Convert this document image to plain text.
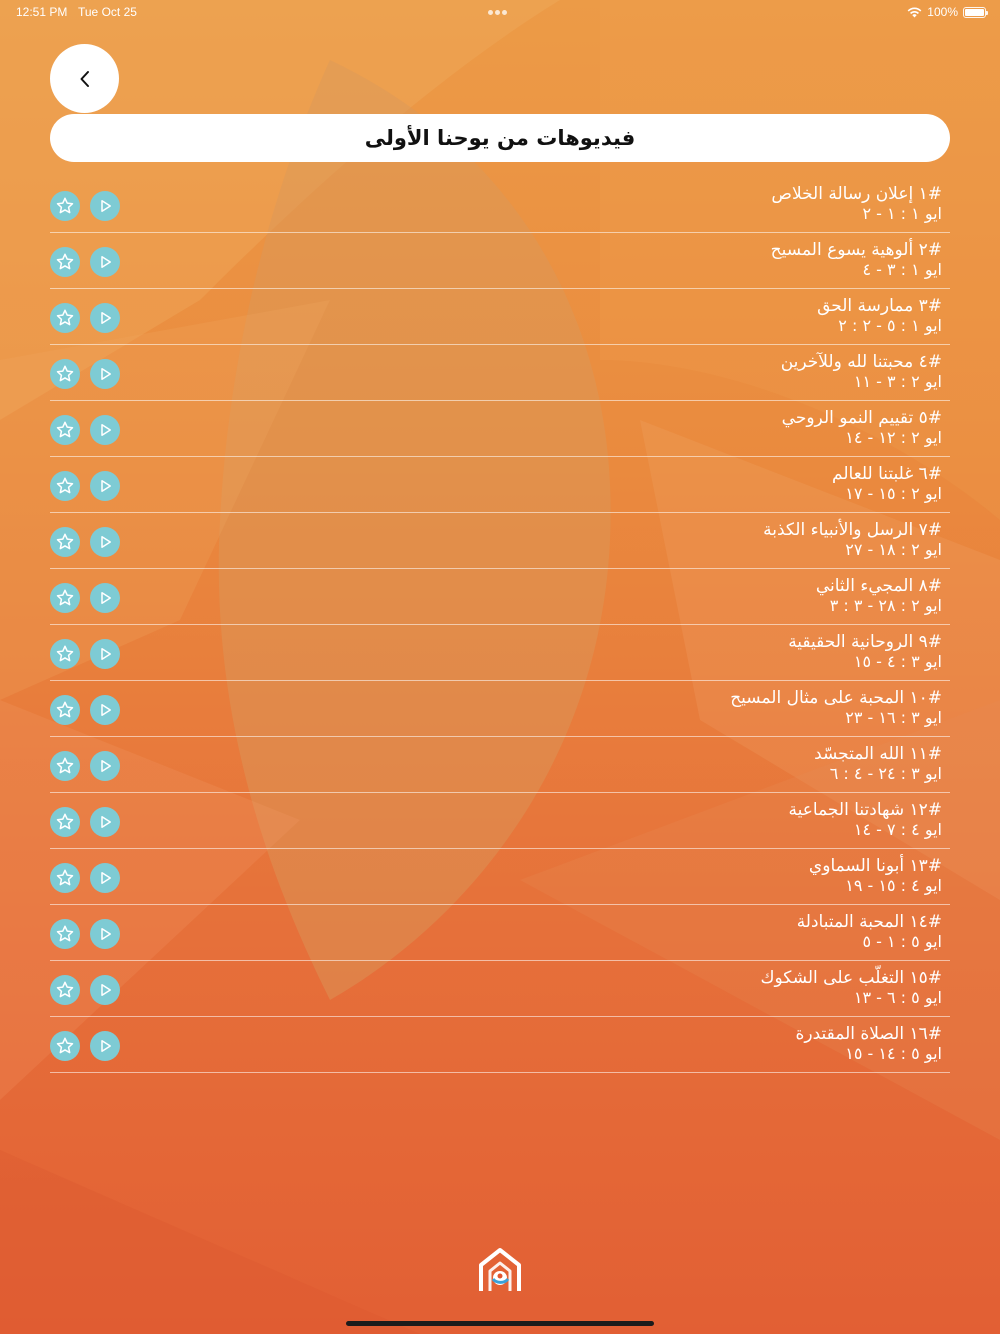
12:51 PM Tue Oct 25	100%
فيديوهات من يوحنا الأولى
#١ إعلان رسالة الخلاص
ايو ١ : ١ - ٢
#٢ ألوهية يسوع المسيح
ايو ١ : ٣ - ٤
#٣ ممارسة الحق
ايو ١ : ٥ - ٢ : ٢
#٤ محبتنا لله وللآخرين
ايو ٢ : ٣ - ١١
#٥ تقييم النمو الروحي
ايو ٢ : ١٢ - ١٤
#٦ غلبتنا للعالم
ايو ٢ : ١٥ - ١٧
#٧ الرسل والأنبياء الكذبة
ايو ٢ : ١٨ - ٢٧
#٨ المجيء الثاني
ايو ٢ : ٢٨ - ٣ : ٣
#٩ الروحانية الحقيقية
ايو ٣ : ٤ - ١٥
#١٠ المحبة على مثال المسيح
ايو ٣ : ١٦ - ٢٣
#١١ الله المتجسّد
ايو ٣ : ٢٤ - ٤ : ٦
#١٢ شهادتنا الجماعية
ايو ٤ : ٧ - ١٤
#١٣ أبونا السماوي
ايو ٤ : ١٥ - ١٩
#١٤ المحبة المتبادلة
ايو ٥ : ١ - ٥
#١٥ التغلّب على الشكوك
ايو ٥ : ٦ - ١٣
#١٦ الصلاة المقتدرة
ايو ٥ : ١٤ - ١٥
